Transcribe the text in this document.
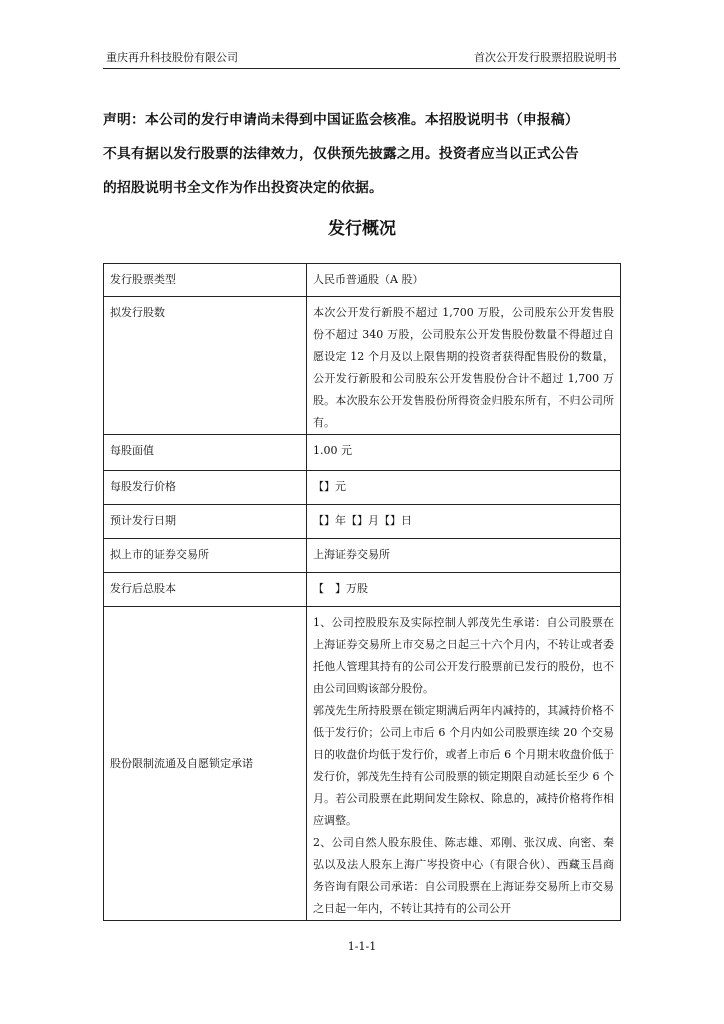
重庆再升科技股份有限公司	首次公开发行股票招股说明书
声明：本公司的发行申请尚未得到中国证监会核准。本招股说明书（申报稿）
不具有据以发行股票的法律效力，仅供预先披露之用。投资者应当以正式公告
的招股说明书全文作为作出投资决定的依据。
发行概况
发行股票类型	人民币普通股（A 股）
拟发行股数	本次公开发行新股不超过 1,700 万股，公司股东公开发售股份不超过 340 万股，公司股东公开发售股份数量不得超过自愿设定 12 个月及以上限售期的投资者获得配售股份的数量，公开发行新股和公司股东公开发售股份合计不超过 1,700 万股。本次股东公开发售股份所得资金归股东所有，不归公司所有。
每股面值	1.00 元
每股发行价格	【】元
预计发行日期	【】年【】月【】日
拟上市的证券交易所	上海证券交易所
发行后总股本	【　】万股
股份限制流通及自愿锁定承诺	1、公司控股股东及实际控制人郭茂先生承诺：自公司股票在上海证券交易所上市交易之日起三十六个月内，不转让或者委托他人管理其持有的公司公开发行股票前已发行的股份，也不由公司回购该部分股份。

郭茂先生所持股票在锁定期满后两年内减持的，其减持价格不低于发行价；公司上市后 6 个月内如公司股票连续 20 个交易日的收盘价均低于发行价，或者上市后 6 个月期末收盘价低于发行价，郭茂先生持有公司股票的锁定期限自动延长至少 6 个月。若公司股票在此期间发生除权、除息的，减持价格将作相应调整。

2、公司自然人股东股佳、陈志雄、邓刚、张汉成、向密、秦弘以及法人股东上海广岑投资中心（有限合伙）、西藏玉昌商务咨询有限公司承诺：自公司股票在上海证券交易所上市交易之日起一年内，不转让其持有的公司公开

1-1-1
